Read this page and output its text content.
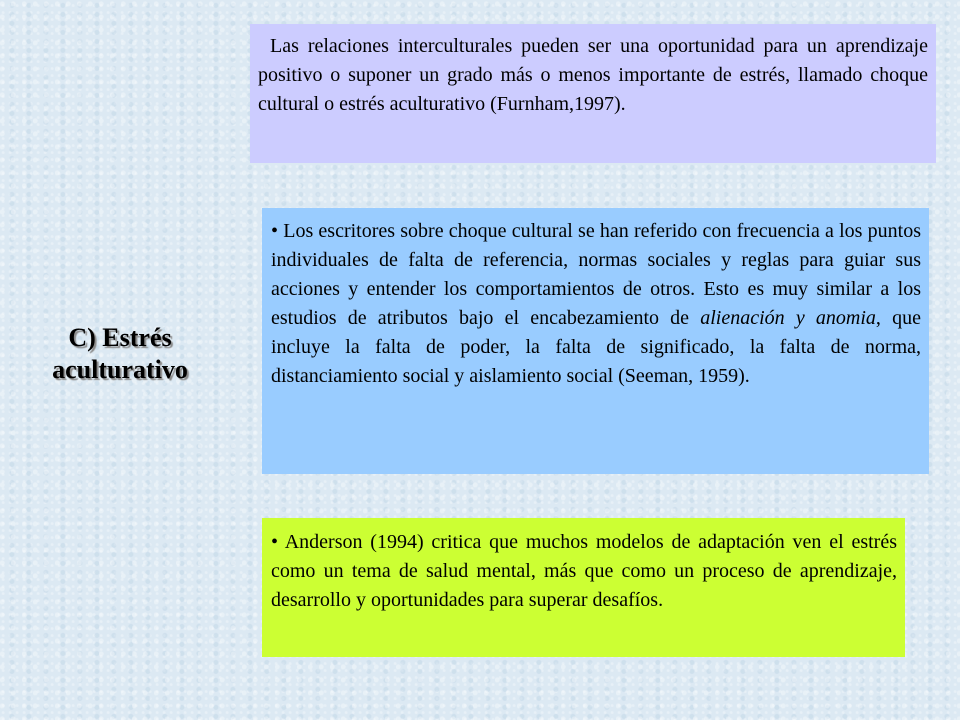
Las relaciones interculturales pueden ser una oportunidad para un aprendizaje positivo o suponer un grado más o menos importante de estrés, llamado choque cultural o estrés aculturativo (Furnham,1997).

C) Estrés
aculturativo

• Los escritores sobre choque cultural se han referido con frecuencia a los puntos individuales de falta de referencia, normas sociales y reglas para guiar sus acciones y entender los comportamientos de otros. Esto es muy similar a los estudios de atributos bajo el encabezamiento de alienación y anomia, que incluye la falta de poder, la falta de significado, la falta de norma, distanciamiento social y aislamiento social (Seeman, 1959).

• Anderson (1994) critica que muchos modelos de adaptación ven el estrés como un tema de salud mental, más que como un proceso de aprendizaje, desarrollo y oportunidades para superar desafíos.
